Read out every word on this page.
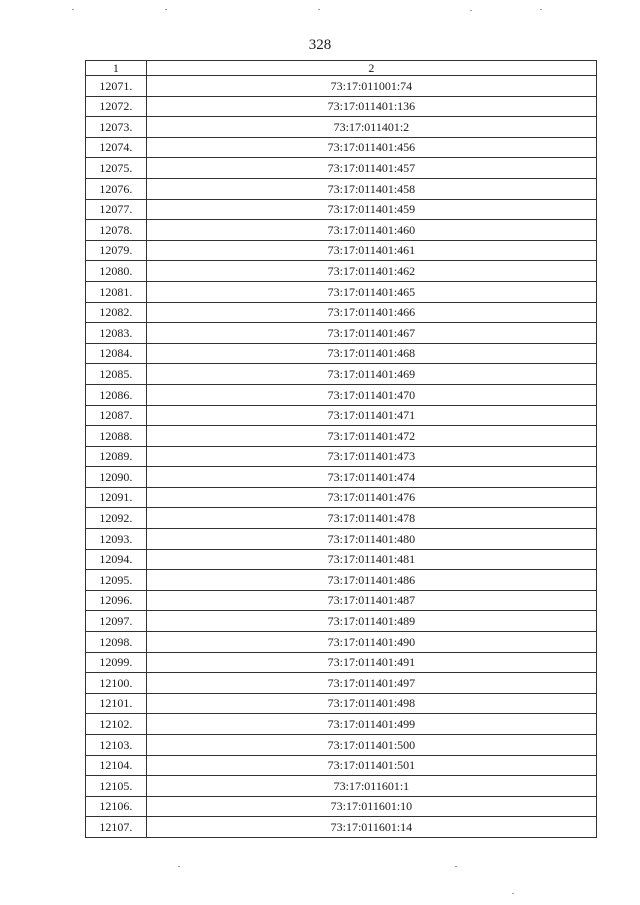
328
1	2
12071.	73:17:011001:74
12072.	73:17:011401:136
12073.	73:17:011401:2
12074.	73:17:011401:456
12075.	73:17:011401:457
12076.	73:17:011401:458
12077.	73:17:011401:459
12078.	73:17:011401:460
12079.	73:17:011401:461
12080.	73:17:011401:462
12081.	73:17:011401:465
12082.	73:17:011401:466
12083.	73:17:011401:467
12084.	73:17:011401:468
12085.	73:17:011401:469
12086.	73:17:011401:470
12087.	73:17:011401:471
12088.	73:17:011401:472
12089.	73:17:011401:473
12090.	73:17:011401:474
12091.	73:17:011401:476
12092.	73:17:011401:478
12093.	73:17:011401:480
12094.	73:17:011401:481
12095.	73:17:011401:486
12096.	73:17:011401:487
12097.	73:17:011401:489
12098.	73:17:011401:490
12099.	73:17:011401:491
12100.	73:17:011401:497
12101.	73:17:011401:498
12102.	73:17:011401:499
12103.	73:17:011401:500
12104.	73:17:011401:501
12105.	73:17:011601:1
12106.	73:17:011601:10
12107.	73:17:011601:14
